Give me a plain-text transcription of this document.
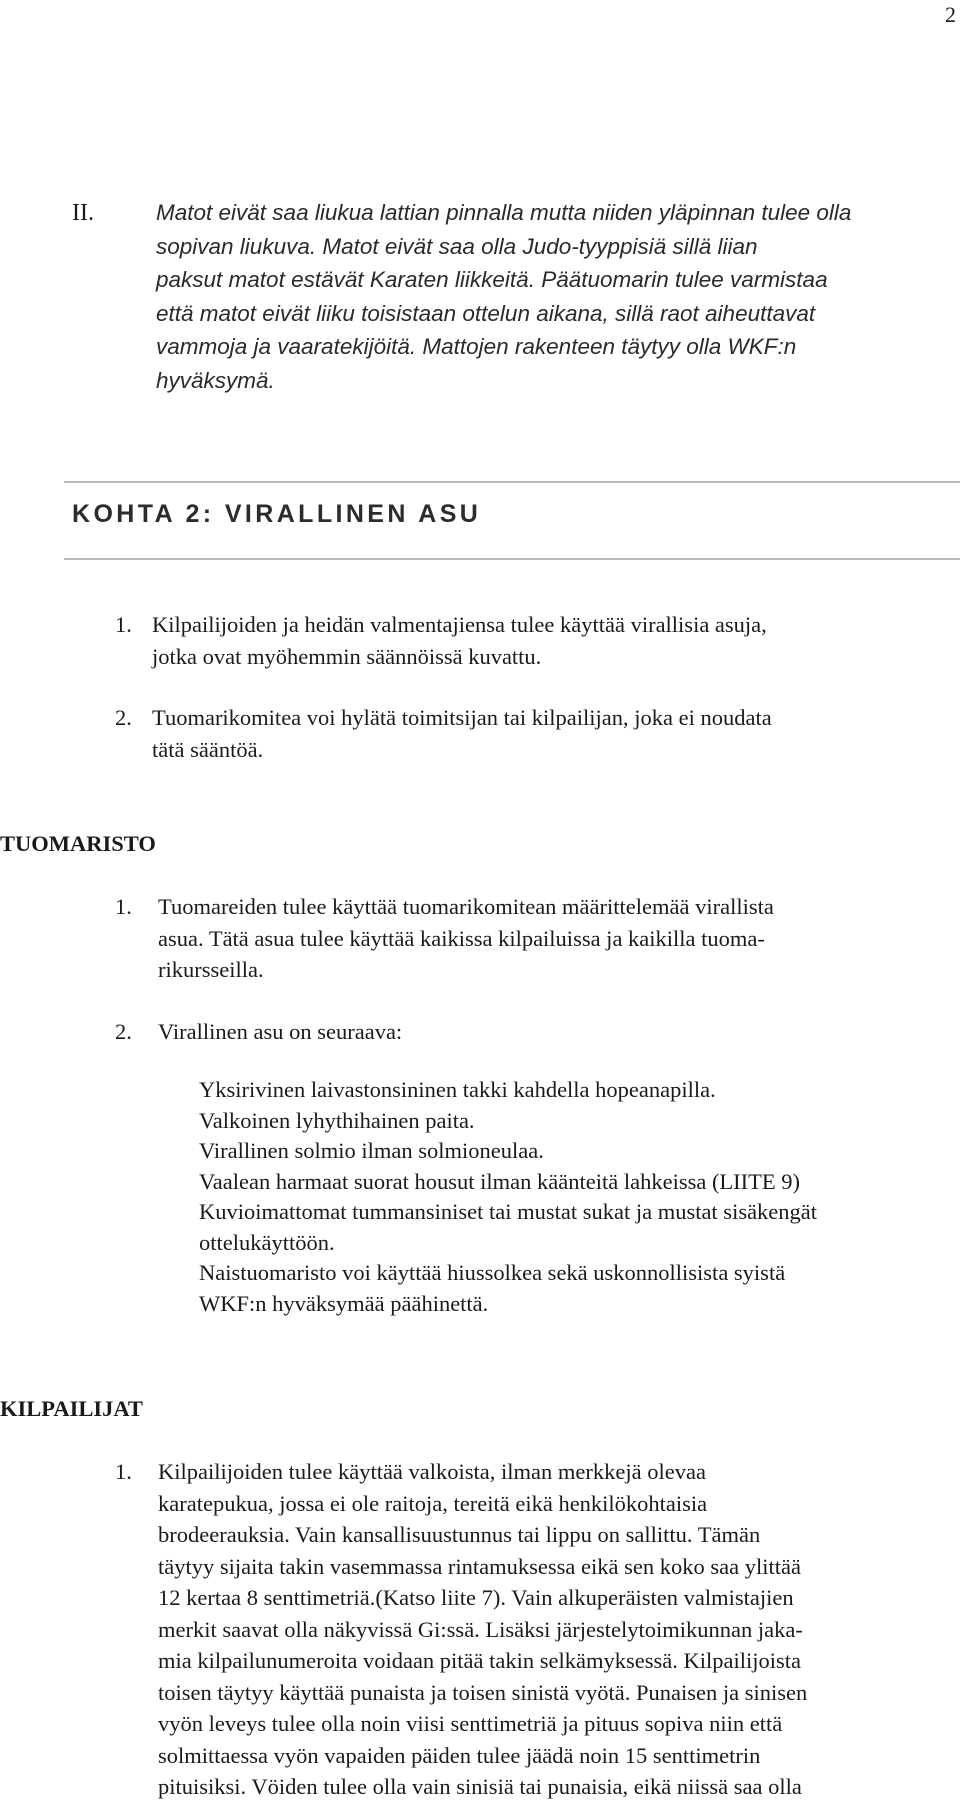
2
II.	Matot eivät saa liukua lattian pinnalla mutta niiden yläpinnan tulee olla
sopivan liukuva. Matot eivät saa olla Judo-tyyppisiä sillä liian
paksut matot estävät Karaten liikkeitä. Päätuomarin tulee varmistaa
että matot eivät liiku toisistaan ottelun aikana, sillä raot aiheuttavat
vammoja ja vaaratekijöitä. Mattojen rakenteen täytyy olla WKF:n
hyväksymä.
KOHTA 2: VIRALLINEN ASU
1. Kilpailijoiden ja heidän valmentajiensa tulee käyttää virallisia asuja,
jotka ovat myöhemmin säännöissä kuvattu.
2. Tuomarikomitea voi hylätä toimitsijan tai kilpailijan, joka ei noudata
tätä sääntöä.
TUOMARISTO
1. Tuomareiden tulee käyttää tuomarikomitean määrittelemää virallista
asua. Tätä asua tulee käyttää kaikissa kilpailuissa ja kaikilla tuoma-
rikursseilla.
2. Virallinen asu on seuraava:
Yksirivinen laivastonsininen takki kahdella hopeanapilla.
Valkoinen lyhythihainen paita.
Virallinen solmio ilman solmioneulaa.
Vaalean harmaat suorat housut ilman käänteitä lahkeissa (LIITE 9)
Kuvioimattomat tummansiniset tai mustat sukat ja mustat sisäkengät
ottelukäyttöön.
Naistuomaristo voi käyttää hiussolkea sekä uskonnollisista syistä
WKF:n hyväksymää päähinettä.
KILPAILIJAT
1. Kilpailijoiden tulee käyttää valkoista, ilman merkkejä olevaa
karatepukua, jossa ei ole raitoja, tereitä eikä henkilökohtaisia
brodeerauksia. Vain kansallisuustunnus tai lippu on sallittu. Tämän
täytyy sijaita takin vasemmassa rintamuksessa eikä sen koko saa ylittää
12 kertaa 8 senttimetriä.(Katso liite 7). Vain alkuperäisten valmistajien
merkit saavat olla näkyvissä Gi:ssä. Lisäksi järjestelytoimikunnan jaka-
mia kilpailunumeroita voidaan pitää takin selkämyksessä. Kilpailijoista
toisen täytyy käyttää punaista ja toisen sinistä vyötä. Punaisen ja sinisen
vyön leveys tulee olla noin viisi senttimetriä ja pituus sopiva niin että
solmittaessa vyön vapaiden päiden tulee jäädä noin 15 senttimetrin
pituisiksi. Vöiden tulee olla vain sinisiä tai punaisia, eikä niissä saa olla
